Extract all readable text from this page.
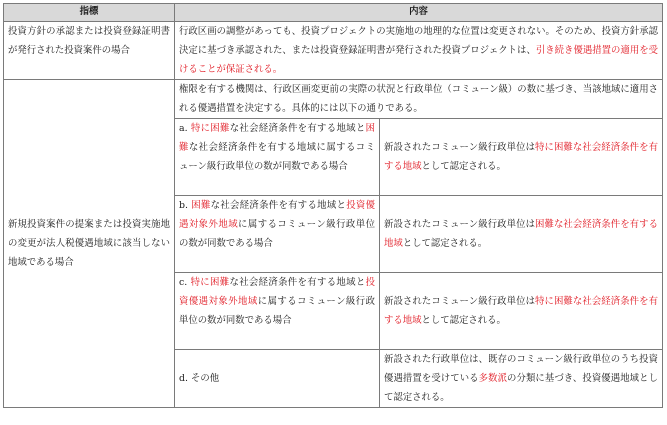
指標	内容	
投資方針の承認または投資登録証明書が発行された投資案件の場合	行政区画の調整があっても、投資プロジェクトの実施地の地理的な位置は変更されない。そのため、投資方針承認決定に基づき承認された、または投資登録証明書が発行された投資プロジェクトは、引き続き優遇措置の適用を受けることが保証される。	
新規投資案件の提案または投資実施地の変更が法人税優遇地域に該当しない地域である場合	権限を有する機関は、行政区画変更前の実際の状況と行政単位（コミューン級）の数に基づき、当該地域に適用される優遇措置を決定する。具体的には以下の通りである。	
	a. 特に困難な社会経済条件を有する地域と困難な社会経済条件を有する地域に属するコミューン級行政単位の数が同数である場合	新設されたコミューン級行政単位は特に困難な社会経済条件を有する地域として認定される。
	b. 困難な社会経済条件を有する地域と投資優遇対象外地域に属するコミューン級行政単位の数が同数である場合	新設されたコミューン級行政単位は困難な社会経済条件を有する地域として認定される。
	c. 特に困難な社会経済条件を有する地域と投資優遇対象外地域に属するコミューン級行政単位の数が同数である場合	新設されたコミューン級行政単位は特に困難な社会経済条件を有する地域として認定される。
	d. その他	新設された行政単位は、既存のコミューン級行政単位のうち投資優遇措置を受けている多数派の分類に基づき、投資優遇地域として認定される。
